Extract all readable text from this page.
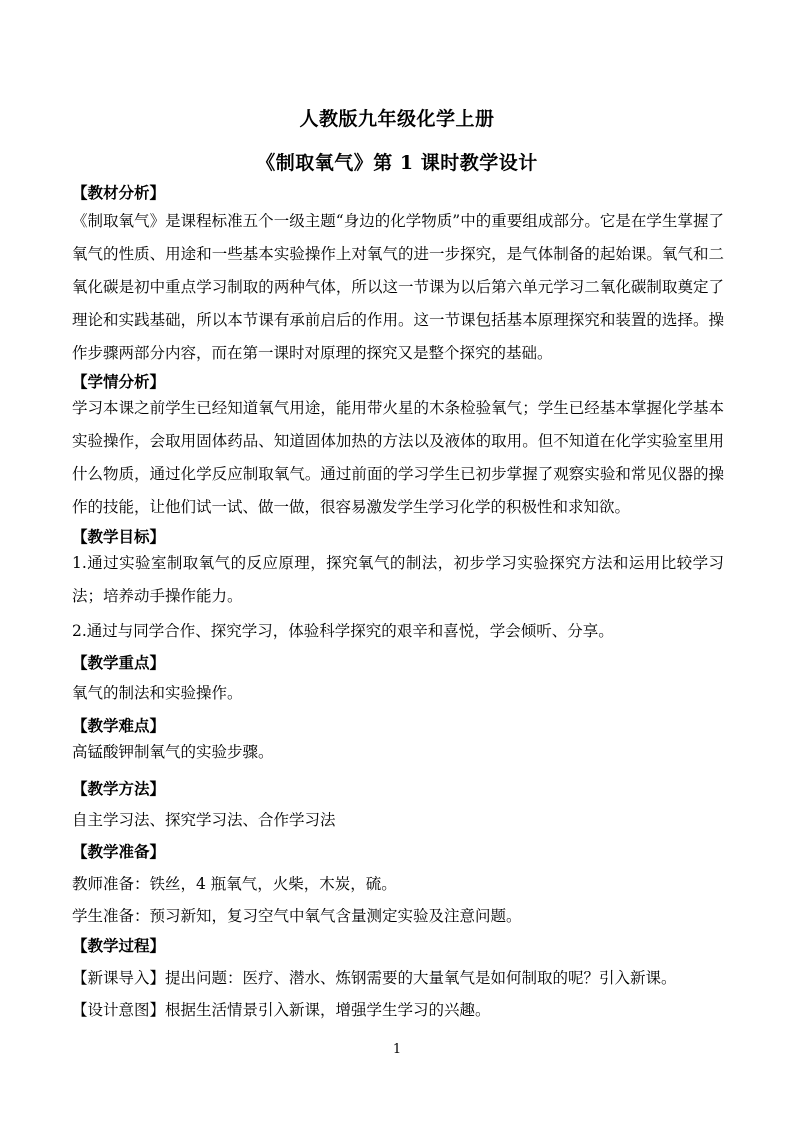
人教版九年级化学上册
《制取氧气》第 1 课时教学设计
【教材分析】
《制取氧气》是课程标准五个一级主题“身边的化学物质”中的重要组成部分。它是在学生掌握了氧气的性质、用途和一些基本实验操作上对氧气的进一步探究，是气体制备的起始课。氧气和二氧化碳是初中重点学习制取的两种气体，所以这一节课为以后第六单元学习二氧化碳制取奠定了理论和实践基础，所以本节课有承前启后的作用。这一节课包括基本原理探究和装置的选择。操作步骤两部分内容，而在第一课时对原理的探究又是整个探究的基础。
【学情分析】
学习本课之前学生已经知道氧气用途，能用带火星的木条检验氧气；学生已经基本掌握化学基本实验操作，会取用固体药品、知道固体加热的方法以及液体的取用。但不知道在化学实验室里用什么物质，通过化学反应制取氧气。通过前面的学习学生已初步掌握了观察实验和常见仪器的操作的技能，让他们试一试、做一做，很容易激发学生学习化学的积极性和求知欲。
【教学目标】
1.通过实验室制取氧气的反应原理，探究氧气的制法，初步学习实验探究方法和运用比较学习法；培养动手操作能力。
2.通过与同学合作、探究学习，体验科学探究的艰辛和喜悦，学会倾听、分享。
【教学重点】
氧气的制法和实验操作。
【教学难点】
高锰酸钾制氧气的实验步骤。
【教学方法】
自主学习法、探究学习法、合作学习法
【教学准备】
教师准备：铁丝，4 瓶氧气，火柴，木炭，硫。
学生准备：预习新知，复习空气中氧气含量测定实验及注意问题。
【教学过程】
【新课导入】提出问题：医疗、潜水、炼钢需要的大量氧气是如何制取的呢？引入新课。
【设计意图】根据生活情景引入新课，增强学生学习的兴趣。
1
